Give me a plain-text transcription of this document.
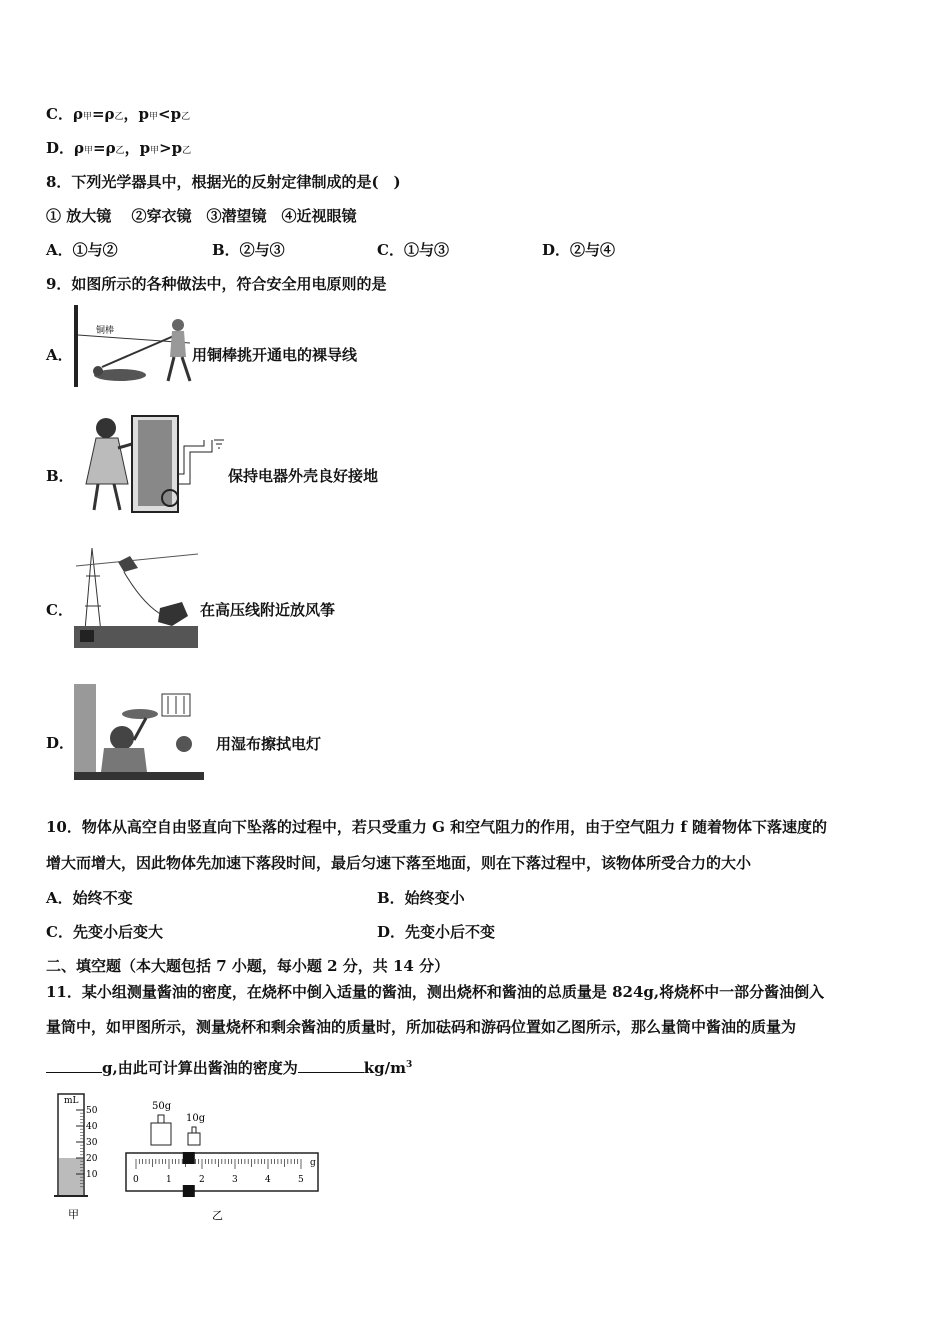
C．ρ甲=ρ乙，p甲<p乙
D．ρ甲=ρ乙，p甲>p乙
8．下列光学器具中，根据光的反射定律制成的是(　)
① 放大镜　 ②穿衣镜　③潜望镜　④近视眼镜
A．①与②	B．②与③	C．①与③	D．②与④
9．如图所示的各种做法中，符合安全用电原则的是
A．
铜棒
用铜棒挑开通电的裸导线
B．	保持电器外壳良好接地
C．	在高压线附近放风筝
D．	用湿布擦拭电灯
10．物体从高空自由竖直向下坠落的过程中，若只受重力 G 和空气阻力的作用，由于空气阻力 f 随着物体下落速度的
增大而增大，因此物体先加速下落段时间，最后匀速下落至地面，则在下落过程中，该物体所受合力的大小
A．始终不变	B．始终变小
C．先变小后变大	D．先变小后不变
二、填空题（本大题包括 7 小题，每小题 2 分，共 14 分）
11．某小组测量酱油的密度，在烧杯中倒入适量的酱油，测出烧杯和酱油的总质量是 824g,将烧杯中一部分酱油倒入
量筒中，如甲图所示，测量烧杯和剩余酱油的质量时，所加砝码和游码位置如乙图所示，那么量筒中酱油的质量为
g,由此可计算出酱油的密度为	$kg/m^3$
mL
50
40
30
20
10
甲
50g
10g
0	1	2	3	4	5
g
乙
